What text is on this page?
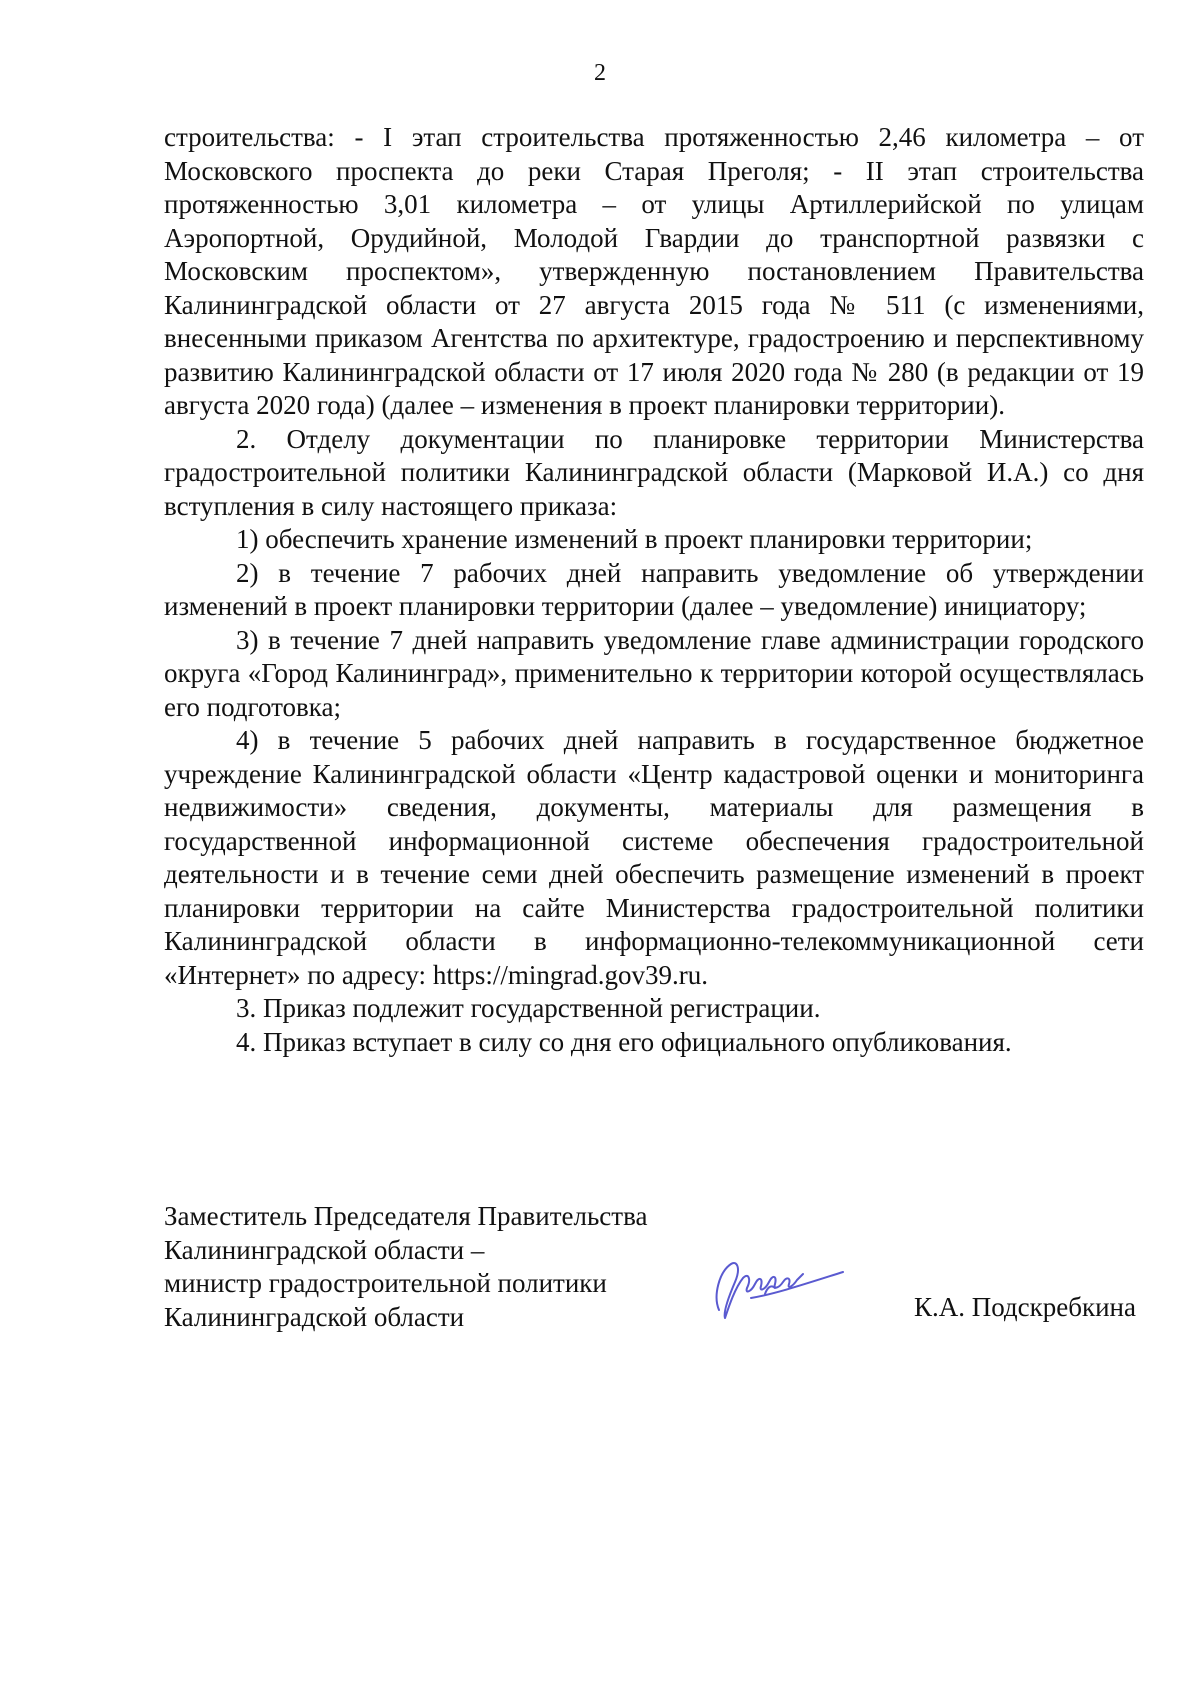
2

строительства: - I этап строительства протяженностью 2,46 километра – от Московского проспекта до реки Старая Преголя; - II этап строительства протяженностью 3,01 километра – от улицы Артиллерийской по улицам Аэропортной, Орудийной, Молодой Гвардии до транспортной развязки с Московским проспектом», утвержденную постановлением Правительства Калининградской области от 27 августа 2015 года № 511 (с изменениями, внесенными приказом Агентства по архитектуре, градостроению и перспективному развитию Калининградской области от 17 июля 2020 года № 280 (в редакции от 19 августа 2020 года) (далее – изменения в проект планировки территории).

2. Отделу документации по планировке территории Министерства градостроительной политики Калининградской области (Марковой И.А.) со дня вступления в силу настоящего приказа:

1) обеспечить хранение изменений в проект планировки территории;

2) в течение 7 рабочих дней направить уведомление об утверждении изменений в проект планировки территории (далее – уведомление) инициатору;

3) в течение 7 дней направить уведомление главе администрации городского округа «Город Калининград», применительно к территории которой осуществлялась его подготовка;

4) в течение 5 рабочих дней направить в государственное бюджетное учреждение Калининградской области «Центр кадастровой оценки и мониторинга недвижимости» сведения, документы, материалы для размещения в государственной информационной системе обеспечения градостроительной деятельности и в течение семи дней обеспечить размещение изменений в проект планировки территории на сайте Министерства градостроительной политики Калининградской области в информационно-телекоммуникационной сети «Интернет» по адресу: https://mingrad.gov39.ru.

3. Приказ подлежит государственной регистрации.

4. Приказ вступает в силу со дня его официального опубликования.

Заместитель Председателя Правительства
Калининградской области –
министр градостроительной политики
Калининградской области	К.А. Подскребкина
